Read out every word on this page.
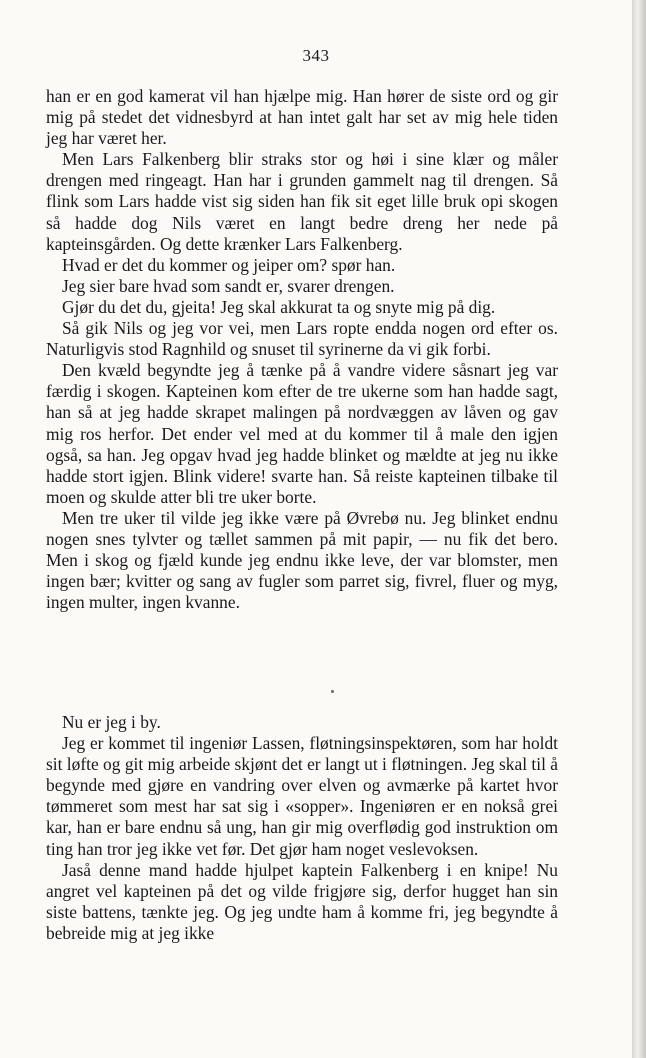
343

han er en god kamerat vil han hjælpe mig. Han hører de siste ord og gir mig på stedet det vidnesbyrd at han intet galt har set av mig hele tiden jeg har været her.

Men Lars Falkenberg blir straks stor og høi i sine klær og måler drengen med ringeagt. Han har i grunden gammelt nag til drengen. Så flink som Lars hadde vist sig siden han fik sit eget lille bruk opi skogen så hadde dog Nils været en langt bedre dreng her nede på kapteinsgården. Og dette krænker Lars Falkenberg.

Hvad er det du kommer og jeiper om? spør han.

Jeg sier bare hvad som sandt er, svarer drengen.

Gjør du det du, gjeita! Jeg skal akkurat ta og snyte mig på dig.

Så gik Nils og jeg vor vei, men Lars ropte endda nogen ord efter os. Naturligvis stod Ragnhild og snuset til syrinerne da vi gik forbi.

Den kvæld begyndte jeg å tænke på å vandre videre såsnart jeg var færdig i skogen. Kapteinen kom efter de tre ukerne som han hadde sagt, han så at jeg hadde skrapet malingen på nordvæggen av låven og gav mig ros herfor. Det ender vel med at du kommer til å male den igjen også, sa han. Jeg opgav hvad jeg hadde blinket og mældte at jeg nu ikke hadde stort igjen. Blink videre! svarte han. Så reiste kapteinen tilbake til moen og skulde atter bli tre uker borte.

Men tre uker til vilde jeg ikke være på Øvrebø nu. Jeg blinket endnu nogen snes tylvter og tællet sammen på mit papir, — nu fik det bero. Men i skog og fjæld kunde jeg endnu ikke leve, der var blomster, men ingen bær; kvitter og sang av fugler som parret sig, fivrel, fluer og myg, ingen multer, ingen kvanne.

Nu er jeg i by.

Jeg er kommet til ingeniør Lassen, fløtningsinspektøren, som har holdt sit løfte og git mig arbeide skjønt det er langt ut i fløtningen. Jeg skal til å begynde med gjøre en vandring over elven og avmærke på kartet hvor tømmeret som mest har sat sig i «sopper». Ingeniøren er en nokså grei kar, han er bare endnu så ung, han gir mig overflødig god instruktion om ting han tror jeg ikke vet før. Det gjør ham noget veslevoksen.

Jaså denne mand hadde hjulpet kaptein Falkenberg i en knipe! Nu angret vel kapteinen på det og vilde frigjøre sig, derfor hugget han sin siste battens, tænkte jeg. Og jeg undte ham å komme fri, jeg begyndte å bebreide mig at jeg ikke
